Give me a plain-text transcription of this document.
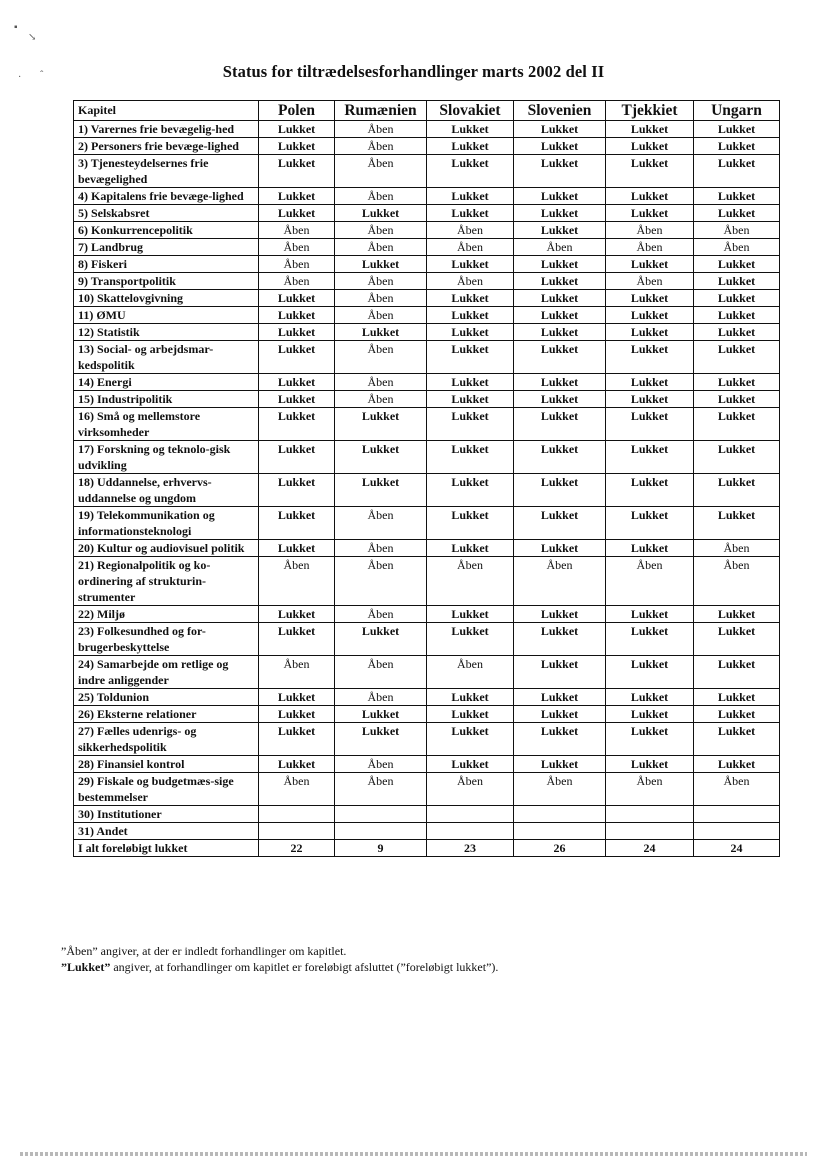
▪
↘
· ˆ	Status for tiltrædelsesforhandlinger marts 2002 del II
Kapitel	Polen	Rumænien	Slovakiet	Slovenien	Tjekkiet	Ungarn
1) Varernes frie bevægelig-hed	Lukket	Åben	Lukket	Lukket	Lukket	Lukket
2) Personers frie bevæge-lighed	Lukket	Åben	Lukket	Lukket	Lukket	Lukket
3) Tjenesteydelsernes frie bevægelighed	Lukket	Åben	Lukket	Lukket	Lukket	Lukket
4) Kapitalens frie bevæge-lighed	Lukket	Åben	Lukket	Lukket	Lukket	Lukket
5) Selskabsret	Lukket	Lukket	Lukket	Lukket	Lukket	Lukket
6) Konkurrencepolitik	Åben	Åben	Åben	Lukket	Åben	Åben
7) Landbrug	Åben	Åben	Åben	Åben	Åben	Åben
8) Fiskeri	Åben	Lukket	Lukket	Lukket	Lukket	Lukket
9) Transportpolitik	Åben	Åben	Åben	Lukket	Åben	Lukket
10) Skattelovgivning	Lukket	Åben	Lukket	Lukket	Lukket	Lukket
11) ØMU	Lukket	Åben	Lukket	Lukket	Lukket	Lukket
12) Statistik	Lukket	Lukket	Lukket	Lukket	Lukket	Lukket
13) Social- og arbejdsmar-kedspolitik	Lukket	Åben	Lukket	Lukket	Lukket	Lukket
14) Energi	Lukket	Åben	Lukket	Lukket	Lukket	Lukket
15) Industripolitik	Lukket	Åben	Lukket	Lukket	Lukket	Lukket
16) Små og mellemstore virksomheder	Lukket	Lukket	Lukket	Lukket	Lukket	Lukket
17) Forskning og teknolo-gisk udvikling	Lukket	Lukket	Lukket	Lukket	Lukket	Lukket
18) Uddannelse, erhvervs-uddannelse og ungdom	Lukket	Lukket	Lukket	Lukket	Lukket	Lukket
19) Telekommunikation og informationsteknologi	Lukket	Åben	Lukket	Lukket	Lukket	Lukket
20) Kultur og audiovisuel politik	Lukket	Åben	Lukket	Lukket	Lukket	Åben
21) Regionalpolitik og ko-ordinering af strukturin-strumenter	Åben	Åben	Åben	Åben	Åben	Åben
22) Miljø	Lukket	Åben	Lukket	Lukket	Lukket	Lukket
23) Folkesundhed og for-brugerbeskyttelse	Lukket	Lukket	Lukket	Lukket	Lukket	Lukket
24) Samarbejde om retlige og indre anliggender	Åben	Åben	Åben	Lukket	Lukket	Lukket
25) Toldunion	Lukket	Åben	Lukket	Lukket	Lukket	Lukket
26) Eksterne relationer	Lukket	Lukket	Lukket	Lukket	Lukket	Lukket
27) Fælles udenrigs- og sikkerhedspolitik	Lukket	Lukket	Lukket	Lukket	Lukket	Lukket
28) Finansiel kontrol	Lukket	Åben	Lukket	Lukket	Lukket	Lukket
29) Fiskale og budgetmæs-sige bestemmelser	Åben	Åben	Åben	Åben	Åben	Åben
30) Institutioner						
31) Andet						
I alt foreløbigt lukket	22	9	23	26	24	24
”Åben” angiver, at der er indledt forhandlinger om kapitlet.
”Lukket” angiver, at forhandlinger om kapitlet er foreløbigt afsluttet (”foreløbigt lukket”).
